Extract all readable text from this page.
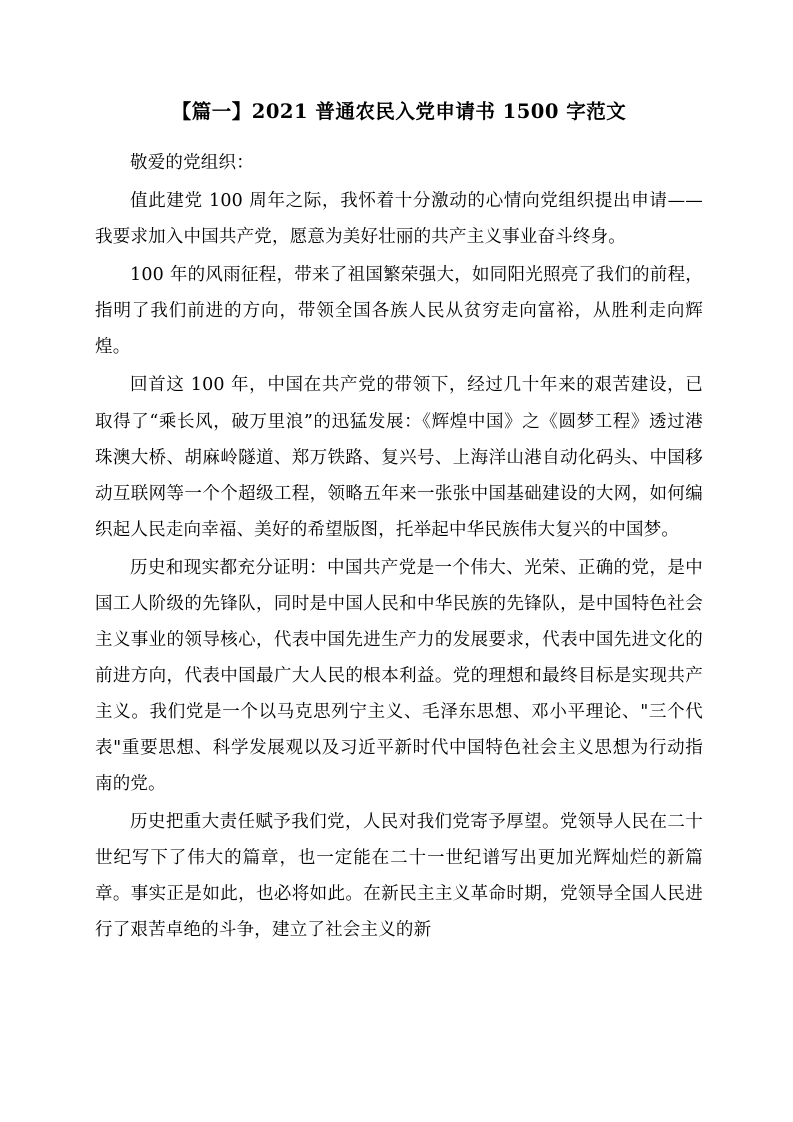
【篇一】2021 普通农民入党申请书 1500 字范文

敬爱的党组织：

值此建党 100 周年之际，我怀着十分激动的心情向党组织提出申请——我要求加入中国共产党，愿意为美好壮丽的共产主义事业奋斗终身。

100 年的风雨征程，带来了祖国繁荣强大，如同阳光照亮了我们的前程，指明了我们前进的方向，带领全国各族人民从贫穷走向富裕，从胜利走向辉煌。

回首这 100 年，中国在共产党的带领下，经过几十年来的艰苦建设，已取得了“乘长风，破万里浪”的迅猛发展：《辉煌中国》之《圆梦工程》透过港珠澳大桥、胡麻岭隧道、郑万铁路、复兴号、上海洋山港自动化码头、中国移动互联网等一个个超级工程，领略五年来一张张中国基础建设的大网，如何编织起人民走向幸福、美好的希望版图，托举起中华民族伟大复兴的中国梦。

历史和现实都充分证明：中国共产党是一个伟大、光荣、正确的党，是中国工人阶级的先锋队，同时是中国人民和中华民族的先锋队，是中国特色社会主义事业的领导核心，代表中国先进生产力的发展要求，代表中国先进文化的前进方向，代表中国最广大人民的根本利益。党的理想和最终目标是实现共产主义。我们党是一个以马克思列宁主义、毛泽东思想、邓小平理论、"三个代表"重要思想、科学发展观以及习近平新时代中国特色社会主义思想为行动指南的党。

历史把重大责任赋予我们党，人民对我们党寄予厚望。党领导人民在二十世纪写下了伟大的篇章，也一定能在二十一世纪谱写出更加光辉灿烂的新篇章。事实正是如此，也必将如此。在新民主主义革命时期，党领导全国人民进行了艰苦卓绝的斗争，建立了社会主义的新
